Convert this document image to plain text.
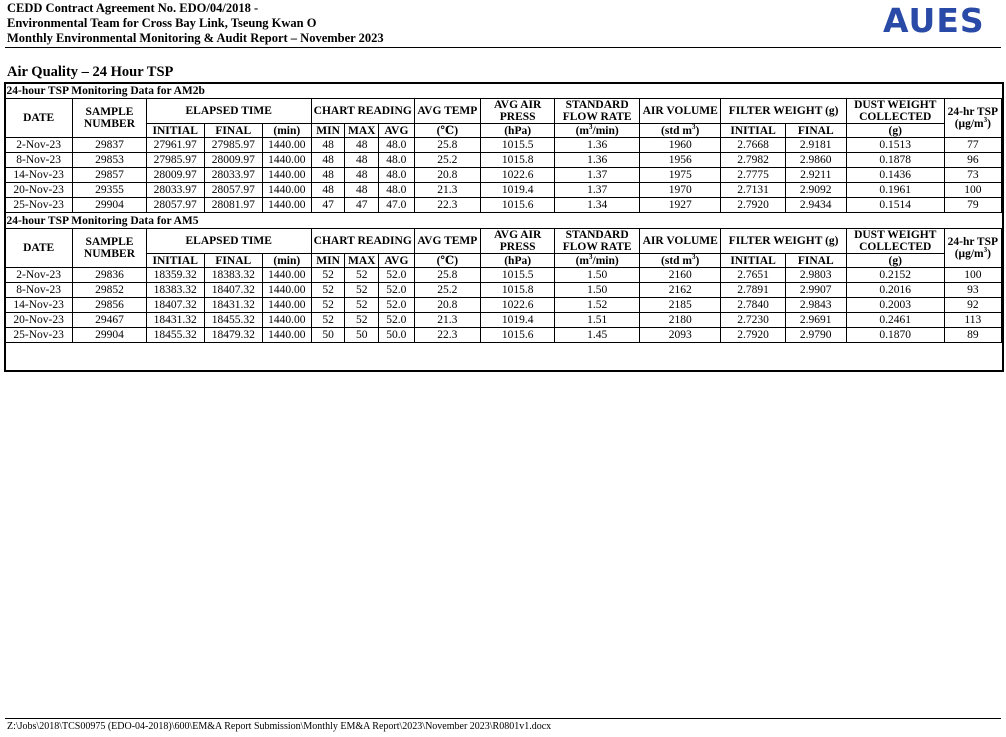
CEDD Contract Agreement No. EDO/04/2018 -
Environmental Team for Cross Bay Link, Tseung Kwan O
Monthly Environmental Monitoring & Audit Report – November 2023	AUES
Air Quality – 24 Hour TSP
24-hour TSP Monitoring Data for AM2b															
DATE	SAMPLE NUMBER	ELAPSED TIME			CHART READING			AVG TEMP	AVG AIR PRESS	STANDARD FLOW RATE	AIR VOLUME	FILTER WEIGHT (g)		DUST WEIGHT COLLECTED	24-hr TSP
$(\mu g/m^3)$

		INITIAL	FINAL	(min)	MIN	MAX	AVG	(℃)	(hPa)	$(m^3/\min)$	(std $m^3$)	INITIAL	FINAL	(g)	
2-Nov-23	29837	27961.97	27985.97	1440.00	48	48	48.0	25.8	1015.5	1.36	1960	2.7668	2.9181	0.1513	77
8-Nov-23	29853	27985.97	28009.97	1440.00	48	48	48.0	25.2	1015.8	1.36	1956	2.7982	2.9860	0.1878	96
14-Nov-23	29857	28009.97	28033.97	1440.00	48	48	48.0	20.8	1022.6	1.37	1975	2.7775	2.9211	0.1436	73
20-Nov-23	29355	28033.97	28057.97	1440.00	48	48	48.0	21.3	1019.4	1.37	1970	2.7131	2.9092	0.1961	100
25-Nov-23	29904	28057.97	28081.97	1440.00	47	47	47.0	22.3	1015.6	1.34	1927	2.7920	2.9434	0.1514	79
24-hour TSP Monitoring Data for AM5															
DATE	SAMPLE NUMBER	ELAPSED TIME			CHART READING			AVG TEMP	AVG AIR PRESS	STANDARD FLOW RATE	AIR VOLUME	FILTER WEIGHT (g)		DUST WEIGHT COLLECTED	24-hr TSP
$(\mu g/m^3)$

		INITIAL	FINAL	(min)	MIN	MAX	AVG	(℃)	(hPa)	$(m^3/\min)$	(std $m^3$)	INITIAL	FINAL	(g)	
2-Nov-23	29836	18359.32	18383.32	1440.00	52	52	52.0	25.8	1015.5	1.50	2160	2.7651	2.9803	0.2152	100
8-Nov-23	29852	18383.32	18407.32	1440.00	52	52	52.0	25.2	1015.8	1.50	2162	2.7891	2.9907	0.2016	93
14-Nov-23	29856	18407.32	18431.32	1440.00	52	52	52.0	20.8	1022.6	1.52	2185	2.7840	2.9843	0.2003	92
20-Nov-23	29467	18431.32	18455.32	1440.00	52	52	52.0	21.3	1019.4	1.51	2180	2.7230	2.9691	0.2461	113
25-Nov-23	29904	18455.32	18479.32	1440.00	50	50	50.0	22.3	1015.6	1.45	2093	2.7920	2.9790	0.1870	89
Z:\Jobs\2018\TCS00975 (EDO-04-2018)\600\EM&A Report Submission\Monthly EM&A Report\2023\November 2023\R0801v1.docx
